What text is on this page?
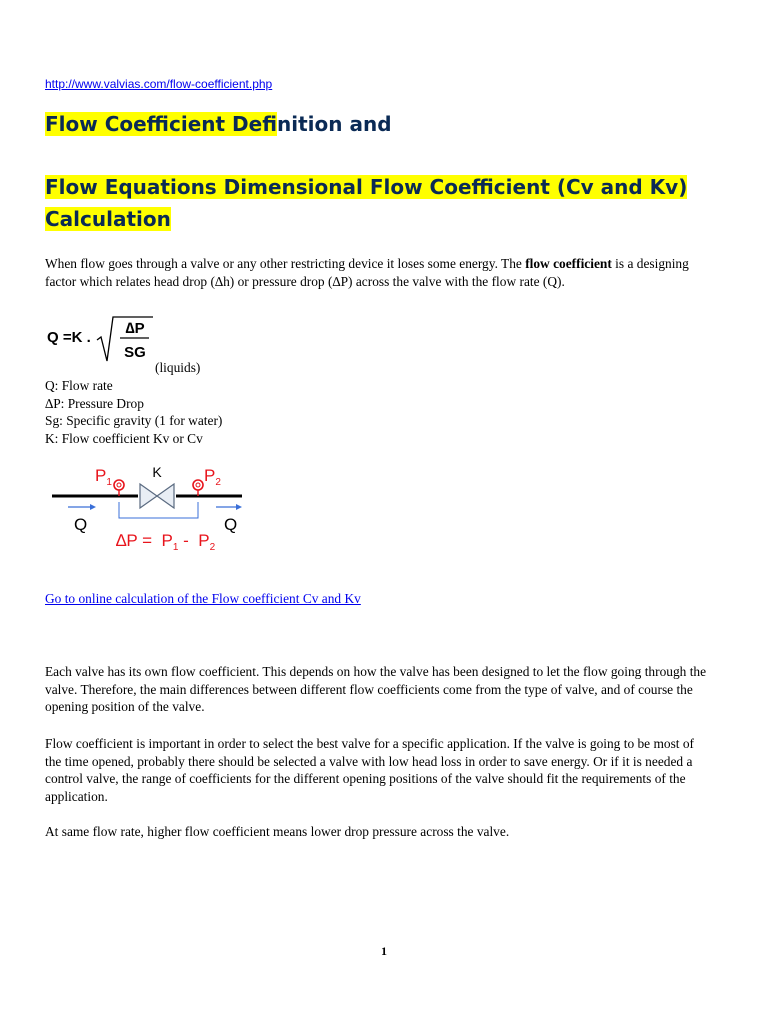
http://www.valvias.com/flow-coefficient.php
Flow Coefficient Definition and
Flow Equations Dimensional Flow Coefficient (Cv and Kv) Calculation

When flow goes through a valve or any other restricting device it loses some energy. The flow coefficient is a designing factor which relates head drop (∆h) or pressure drop (∆P) across the valve with the flow rate (Q).

Q =K .
∆P
SG
(liquids)
Q: Flow rate
∆P: Pressure Drop
Sg: Specific gravity (1 for water)
K: Flow coefficient Kv or Cv
K
$P_1$	$P_2$
Q	Q
$\Delta P = P_1 - P_2$
Go to online calculation of the Flow coefficient Cv and Kv

Each valve has its own flow coefficient. This depends on how the valve has been designed to let the flow going through the valve. Therefore, the main differences between different flow coefficients come from the type of valve, and of course the opening position of the valve.

Flow coefficient is important in order to select the best valve for a specific application. If the valve is going to be most of the time opened, probably there should be selected a valve with low head loss in order to save energy. Or if it is needed a control valve, the range of coefficients for the different opening positions of the valve should fit the requirements of the application.

At same flow rate, higher flow coefficient means lower drop pressure across the valve.

1
